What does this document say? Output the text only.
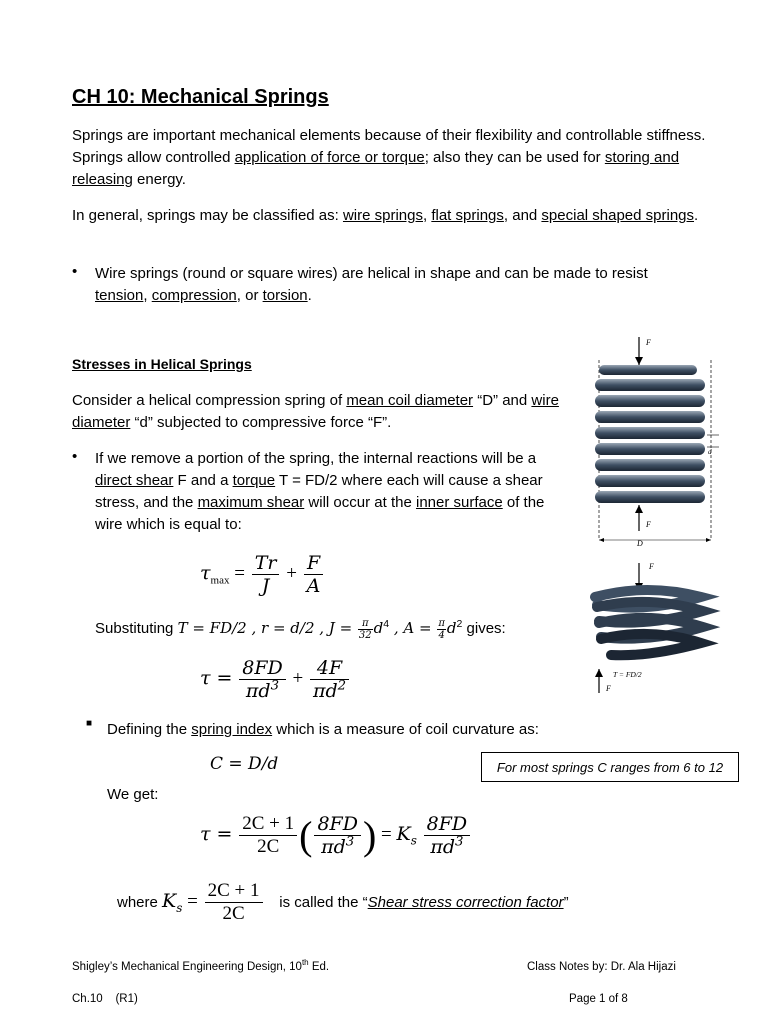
CH 10: Mechanical Springs
Springs are important mechanical elements because of their flexibility and controllable stiffness. Springs allow controlled application of force or torque; also they can be used for storing and releasing energy.
In general, springs may be classified as: wire springs, flat springs, and special shaped springs.
• Wire springs (round or square wires) are helical in shape and can be made to resist tension, compression, or torsion.
Stresses in Helical Springs
Consider a helical compression spring of mean coil diameter “D” and wire diameter “d” subjected to compressive force “F”.
• If we remove a portion of the spring, the internal reactions will be a direct shear F and a torque T = FD/2 where each will cause a shear stress, and the maximum shear will occur at the inner surface of the wire which is equal to:
$\tau_{max} = \frac{Tr}{J} + \frac{F}{A}$
Substituting T = FD/2 , r = d/2 , $J = \frac{\pi}{32} d^4$ , $A = \frac{\pi}{4} d^2$ gives:
$\tau = \frac{8FD}{\pi d^3} + \frac{4F}{\pi d^2}$
■ Defining the spring index which is a measure of coil curvature as:
C = D/d	For most springs C ranges from 6 to 12
We get:
$\tau = \frac{2C + 1}{2C}$ ( $\frac{8FD}{\pi d^3}$ ) = $K_s \frac{8FD}{\pi d^3}$
where $K_s = \frac{2C + 1}{2C}$ is called the “Shear stress correction factor”
F
F
d
D
F
T = FD/2
F
Shigley’s Mechanical Engineering Design, 10th Ed.	Class Notes by: Dr. Ala Hijazi
Ch.10    (R1)	Page 1 of 8
